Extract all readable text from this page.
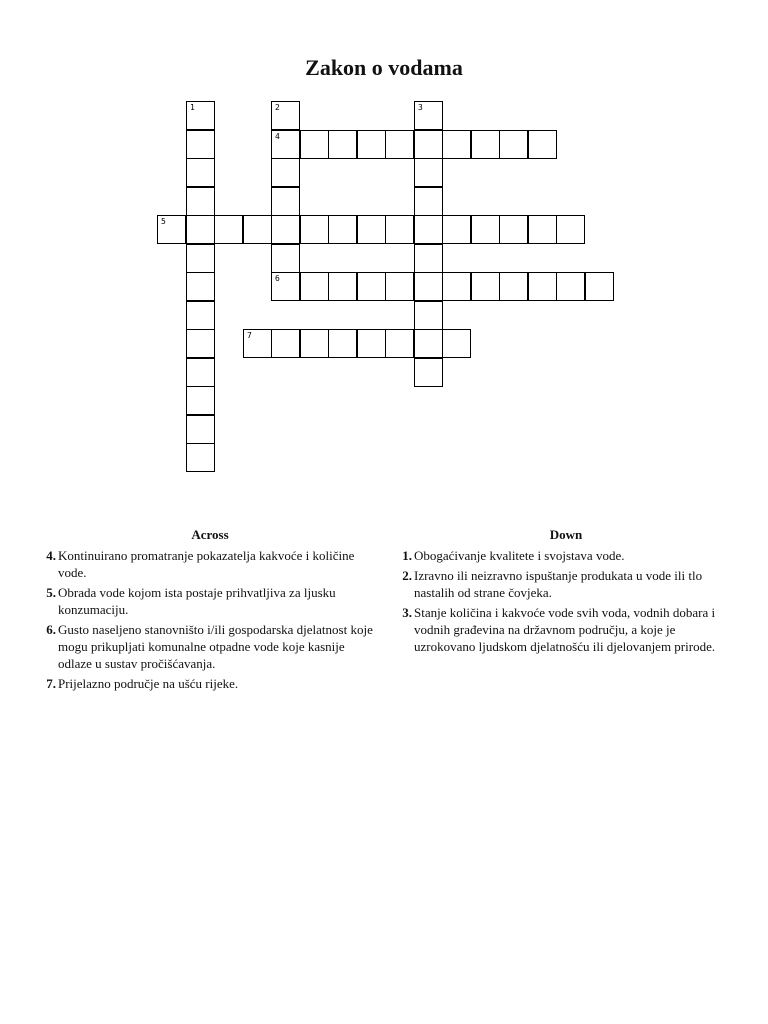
Zakon o vodama
1	2
4
6
3
5
7
Across
4. Kontinuirano promatranje pokazatelja kakvoće i količine vode.
5. Obrada vode kojom ista postaje prihvatljiva za ljusku konzumaciju.
6. Gusto naseljeno stanovništo i/ili gospodarska djelatnost koje mogu prikupljati komunalne otpadne vode koje kasnije odlaze u sustav pročišćavanja.
7. Prijelazno područje na ušću rijeke.
Down
1. Obogaćivanje kvalitete i svojstava vode.
2. Izravno ili neizravno ispuštanje produkata u vode ili tlo nastalih od strane čovjeka.
3. Stanje količina i kakvoće vode svih voda, vodnih dobara i vodnih građevina na državnom području, a koje je uzrokovano ljudskom djelatnošću ili djelovanjem prirode.
